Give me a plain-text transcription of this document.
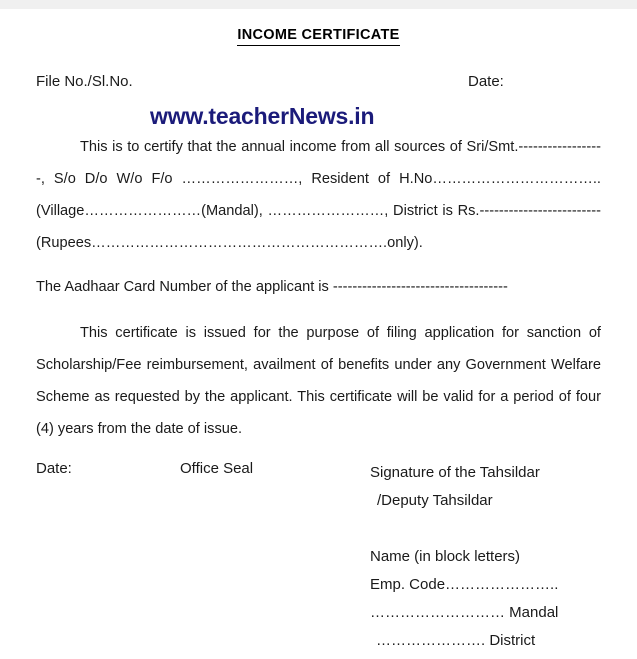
INCOME CERTIFICATE
File No./Sl.No.	Date:
www.teacherNews.in
This is to certify that the annual income from all sources of Sri/Smt.------------------, S/o D/o W/o F/o ……………………, Resident of H.No…………………………….. (Village……………………(Mandal), ……………………, District is Rs.-------------------------(Rupees…………………………………………………….only).
The Aadhaar Card Number of the applicant is ------------------------------------
This certificate is issued for the purpose of filing application for sanction of Scholarship/Fee reimbursement, availment of benefits under any Government Welfare Scheme as requested by the applicant. This certificate will be valid for a period of four (4) years from the date of issue.
Date:	Office Seal	Signature of the Tahsildar
/Deputy Tahsildar
Name (in block letters)
Emp. Code…………………..
……………………… Mandal
…………………. District
